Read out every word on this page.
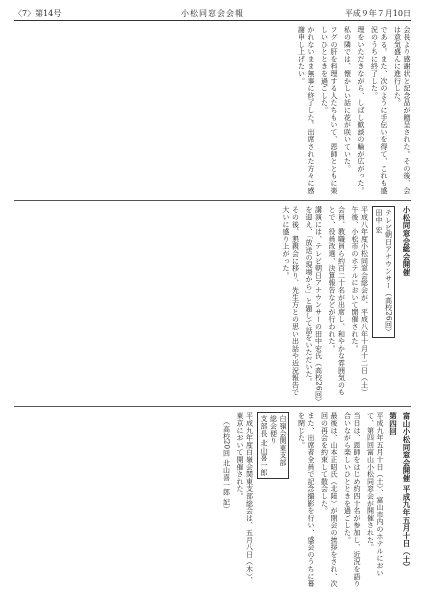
〈7〉第14号	小松同窓会会報	平成９年７月10日

会長より感謝状と記念品が贈呈された。その後、会は意気盛んに進行した。

である。また、次のように手伝いを得て、これも盛況のうちに終了した。

理をいただきながら、しばし歓談の輪が広がった。

私の隣では、懐かしい話に花が咲いていた。

フグの肝を料理する人たちもいて、恩師とともに楽しいひとときを過ごした。

かれないまま無事に終了した。出席された方々に感謝申し上げたい。

小松同窓会総会開催
テレビ朝日アナウンサー（高校26回）
田中 宏

平成八年度小松同窓会総会が、平成八年十月十二日（土）午後、小松市のホテルにおいて開催された。

会員、教職員ら約百二十名が出席し、和やかな雰囲気のもとで、役員改選、決算報告などが行われた。

講演には、テレビ朝日アナウンサーの田中宏氏（高校26回）を迎え、「放送の現場から」と題して話をいただいた。

その後、懇親会に移り、先生方との思い出話や近況報告で大いに盛り上がった。

富山小松同窓会開催 平成九年五月十日（土） 第四回

平成九年五月十日（土）、富山市内のホテルにおいて、第四回富山小松同窓会が開催された。

当日は、恩師をはじめ約四十名が参加し、近況を語り合いながら楽しいひとときを過ごした。

最後は、山本正昭氏（北陸）が閉会の挨拶をされ、次回の再会を約束して散会した。

また、出席者全員で記念撮影を行い、盛会のうちに幕を閉じた。

白嶺会関東支部
総会便り
支部長 北山喜一郎

平成九年度白嶺会関東支部総会は、五月八日（木）、東京において開催された。

（高校20回 北山喜一郎 記）
